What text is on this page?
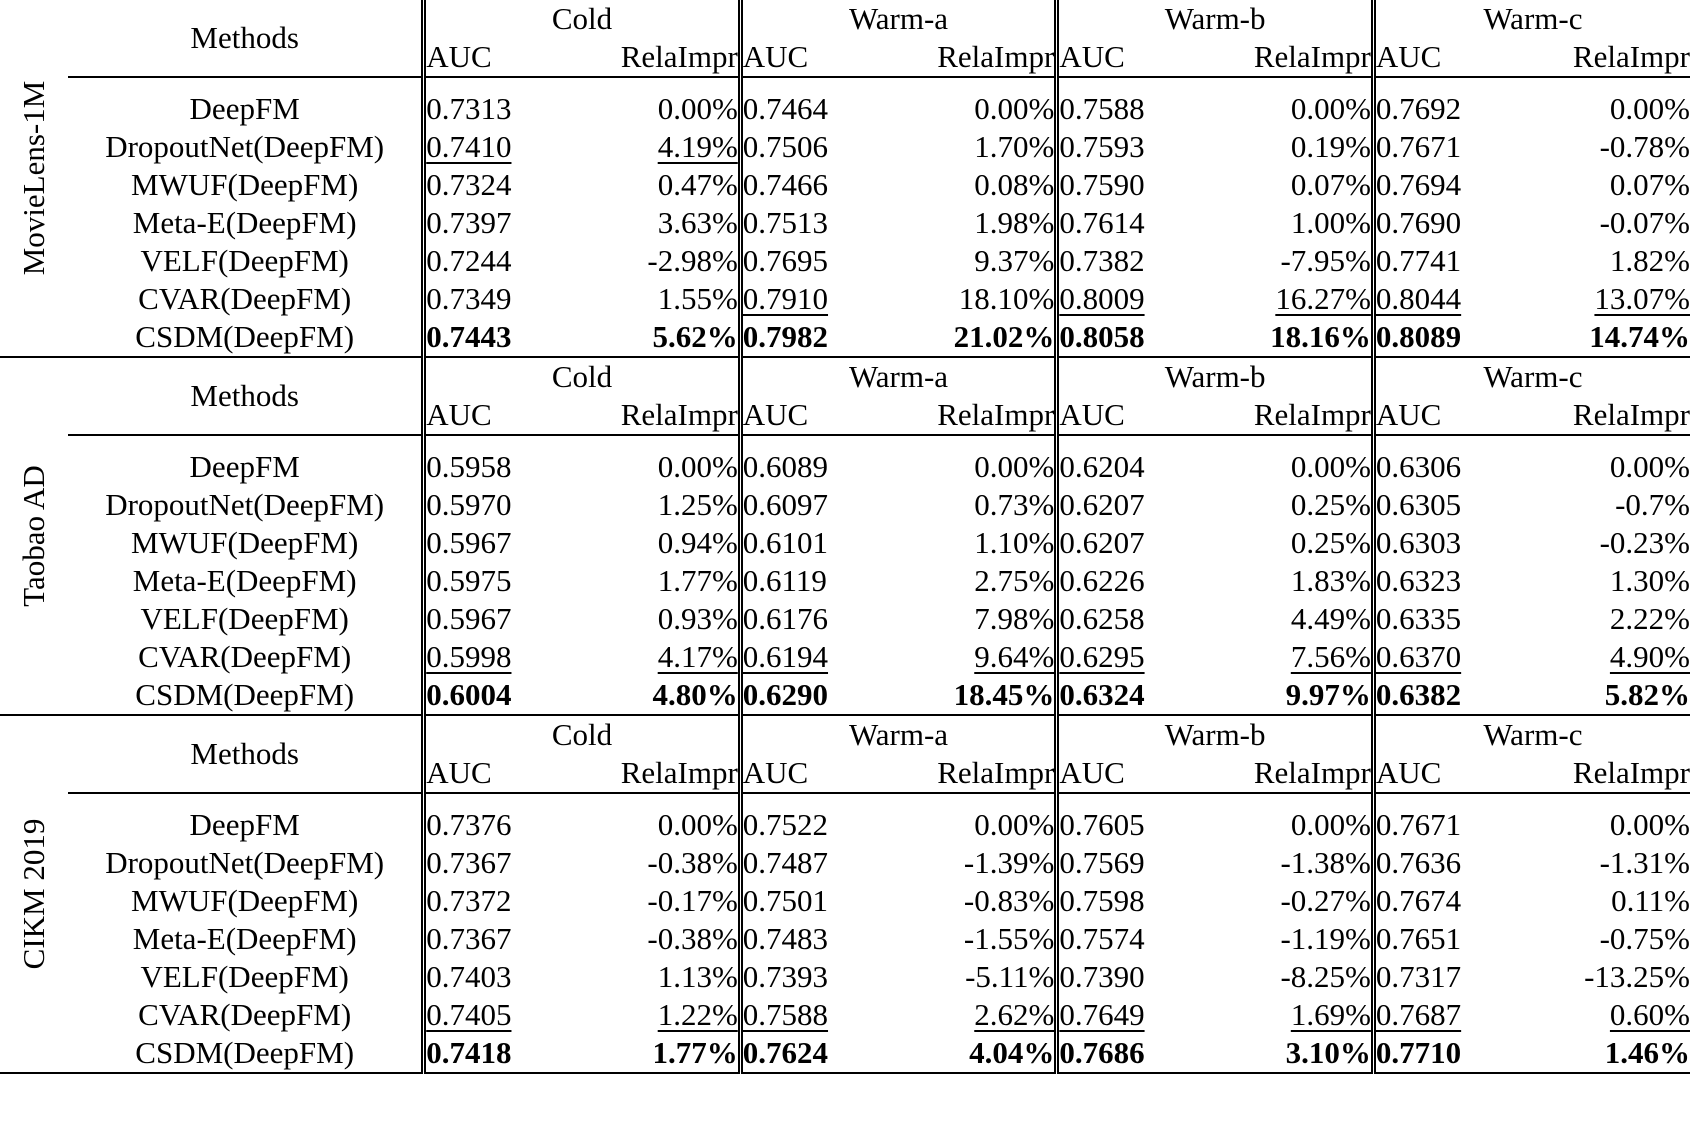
MovieLens-1M	Methods	Cold		Warm-a		Warm-b		Warm-c	
		AUC	RelaImpr	AUC	RelaImpr	AUC	RelaImpr	AUC	RelaImpr

	DeepFM	0.7313	0.00%	0.7464	0.00%	0.7588	0.00%	0.7692	0.00%
	DropoutNet(DeepFM)	0.7410	4.19%	0.7506	1.70%	0.7593	0.19%	0.7671	-0.78%
	MWUF(DeepFM)	0.7324	0.47%	0.7466	0.08%	0.7590	0.07%	0.7694	0.07%
	Meta-E(DeepFM)	0.7397	3.63%	0.7513	1.98%	0.7614	1.00%	0.7690	-0.07%
	VELF(DeepFM)	0.7244	-2.98%	0.7695	9.37%	0.7382	-7.95%	0.7741	1.82%
	CVAR(DeepFM)	0.7349	1.55%	0.7910	18.10%	0.8009	16.27%	0.8044	13.07%
	CSDM(DeepFM)	0.7443	5.62%	0.7982	21.02%	0.8058	18.16%	0.8089	14.74%

Taobao AD	Methods	Cold		Warm-a		Warm-b		Warm-c	
		AUC	RelaImpr	AUC	RelaImpr	AUC	RelaImpr	AUC	RelaImpr

	DeepFM	0.5958	0.00%	0.6089	0.00%	0.6204	0.00%	0.6306	0.00%
	DropoutNet(DeepFM)	0.5970	1.25%	0.6097	0.73%	0.6207	0.25%	0.6305	-0.7%
	MWUF(DeepFM)	0.5967	0.94%	0.6101	1.10%	0.6207	0.25%	0.6303	-0.23%
	Meta-E(DeepFM)	0.5975	1.77%	0.6119	2.75%	0.6226	1.83%	0.6323	1.30%
	VELF(DeepFM)	0.5967	0.93%	0.6176	7.98%	0.6258	4.49%	0.6335	2.22%
	CVAR(DeepFM)	0.5998	4.17%	0.6194	9.64%	0.6295	7.56%	0.6370	4.90%
	CSDM(DeepFM)	0.6004	4.80%	0.6290	18.45%	0.6324	9.97%	0.6382	5.82%

CIKM 2019	Methods	Cold		Warm-a		Warm-b		Warm-c	
		AUC	RelaImpr	AUC	RelaImpr	AUC	RelaImpr	AUC	RelaImpr

	DeepFM	0.7376	0.00%	0.7522	0.00%	0.7605	0.00%	0.7671	0.00%
	DropoutNet(DeepFM)	0.7367	-0.38%	0.7487	-1.39%	0.7569	-1.38%	0.7636	-1.31%
	MWUF(DeepFM)	0.7372	-0.17%	0.7501	-0.83%	0.7598	-0.27%	0.7674	0.11%
	Meta-E(DeepFM)	0.7367	-0.38%	0.7483	-1.55%	0.7574	-1.19%	0.7651	-0.75%
	VELF(DeepFM)	0.7403	1.13%	0.7393	-5.11%	0.7390	-8.25%	0.7317	-13.25%
	CVAR(DeepFM)	0.7405	1.22%	0.7588	2.62%	0.7649	1.69%	0.7687	0.60%
	CSDM(DeepFM)	0.7418	1.77%	0.7624	4.04%	0.7686	3.10%	0.7710	1.46%
